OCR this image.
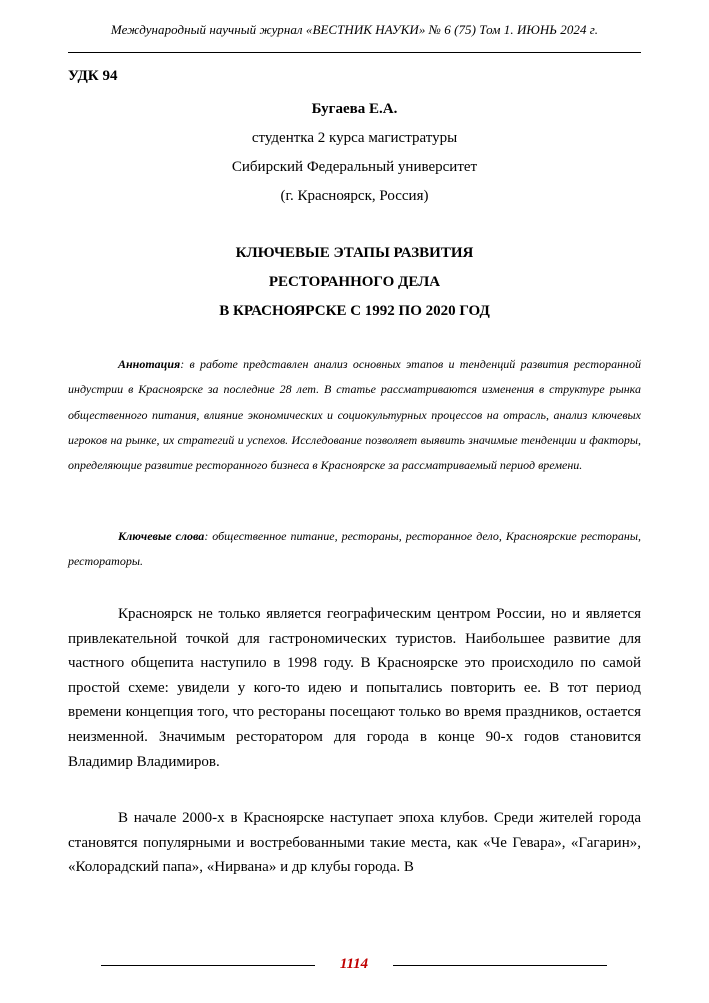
Международный научный журнал «ВЕСТНИК НАУКИ» № 6 (75) Том 1. ИЮНЬ 2024 г.
УДК 94
Бугаева Е.А.
студентка 2 курса магистратуры
Сибирский Федеральный университет
(г. Красноярск, Россия)
КЛЮЧЕВЫЕ ЭТАПЫ РАЗВИТИЯ
РЕСТОРАННОГО ДЕЛА
В КРАСНОЯРСКЕ С 1992 ПО 2020 ГОД
Аннотация: в работе представлен анализ основных этапов и тенденций развития ресторанной индустрии в Красноярске за последние 28 лет. В статье рассматриваются изменения в структуре рынка общественного питания, влияние экономических и социокультурных процессов на отрасль, анализ ключевых игроков на рынке, их стратегий и успехов. Исследование позволяет выявить значимые тенденции и факторы, определяющие развитие ресторанного бизнеса в Красноярске за рассматриваемый период времени.
Ключевые слова: общественное питание, рестораны, ресторанное дело, Красноярские рестораны, рестораторы.
Красноярск не только является географическим центром России, но и является привлекательной точкой для гастрономических туристов. Наибольшее развитие для частного общепита наступило в 1998 году. В Красноярске это происходило по самой простой схеме: увидели у кого-то идею и попытались повторить ее. В тот период времени концепция того, что рестораны посещают только во время праздников, остается неизменной. Значимым ресторатором для города в конце 90-х годов становится Владимир Владимиров.
В начале 2000-х в Красноярске наступает эпоха клубов. Среди жителей города становятся популярными и востребованными такие места, как «Че Гевара», «Гагарин», «Колорадский папа», «Нирвана» и др клубы города. В
1114
